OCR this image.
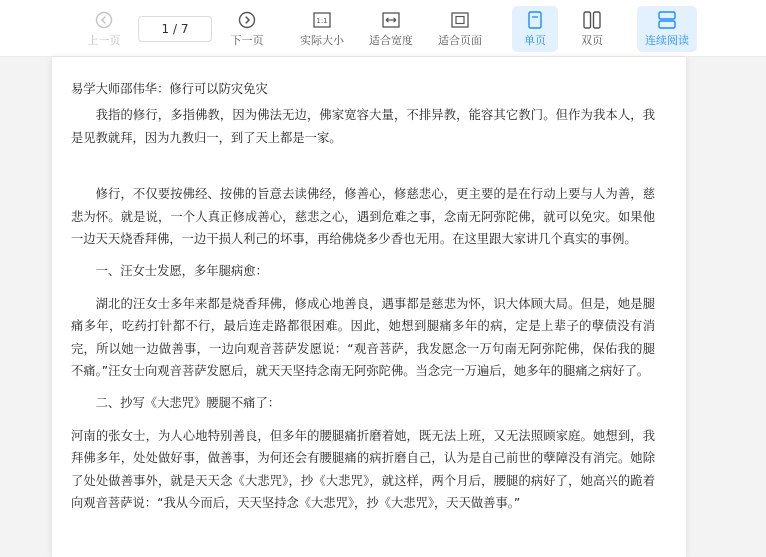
上一页
1 / 7
下一页
1:1
实际大小 适合宽度 适合页面	单页	双页	连续阅读

易学大师邵伟华：修行可以防灾免灾

我指的修行，多指佛教，因为佛法无边，佛家宽容大量，不排异教，能容其它教门。但作为我本人，我是见教就拜，因为九教归一，到了天上都是一家。

修行，不仅要按佛经、按佛的旨意去读佛经，修善心，修慈悲心，更主要的是在行动上要与人为善，慈悲为怀。就是说，一个人真正修成善心，慈悲之心，遇到危难之事，念南无阿弥陀佛，就可以免灾。如果他一边天天烧香拜佛，一边干损人利己的坏事，再给佛烧多少香也无用。在这里跟大家讲几个真实的事例。

一、汪女士发愿，多年腿病愈：

湖北的汪女士多年来都是烧香拜佛，修成心地善良，遇事都是慈悲为怀，识大体顾大局。但是，她是腿痛多年，吃药打针都不行，最后连走路都很困难。因此，她想到腿痛多年的病，定是上辈子的孽债没有消完，所以她一边做善事，一边向观音菩萨发愿说：“观音菩萨，我发愿念一万句南无阿弥陀佛，保佑我的腿不痛。”汪女士向观音菩萨发愿后，就天天坚持念南无阿弥陀佛。当念完一万遍后，她多年的腿痛之病好了。

二、抄写《大悲咒》腰腿不痛了：

河南的张女士，为人心地特别善良，但多年的腰腿痛折磨着她，既无法上班，又无法照顾家庭。她想到，我拜佛多年，处处做好事，做善事，为何还会有腰腿痛的病折磨自己，认为是自己前世的孽障没有消完。她除了处处做善事外，就是天天念《大悲咒》，抄《大悲咒》，就这样，两个月后，腰腿的病好了，她高兴的跪着向观音菩萨说：“我从今而后，天天坚持念《大悲咒》，抄《大悲咒》，天天做善事。”
